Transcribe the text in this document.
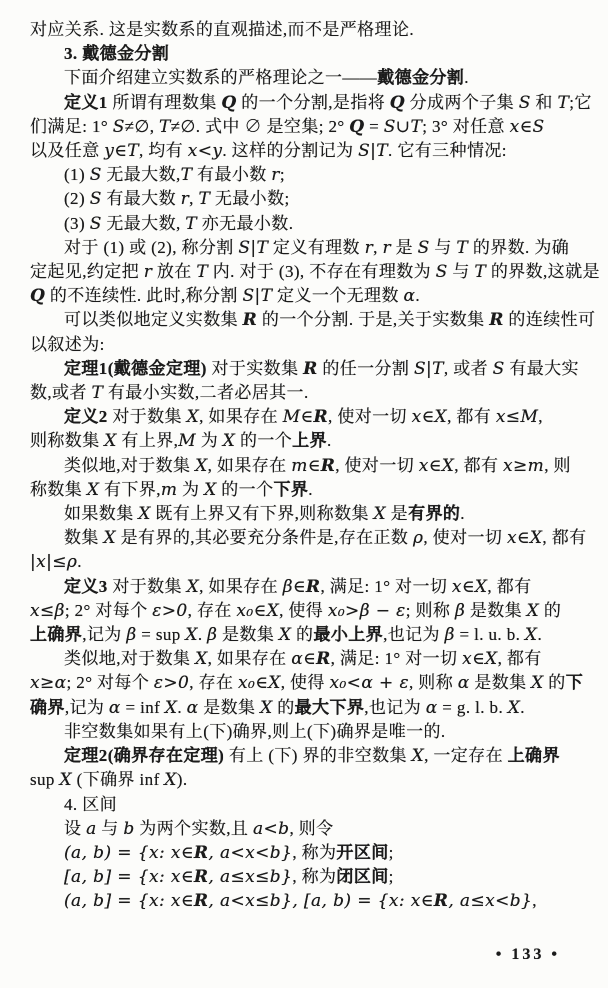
对应关系. 这是实数系的直观描述,而不是严格理论.
3. 戴德金分割
下面介绍建立实数系的严格理论之一——戴德金分割.
定义1 所谓有理数集 Q 的一个分割,是指将 Q 分成两个子集 S 和 T;它
们满足: 1° S≠∅, T≠∅. 式中 ∅ 是空集; 2° Q = S∪T; 3° 对任意 x∈S
以及任意 y∈T, 均有 x<y. 这样的分割记为 S|T. 它有三种情况:
(1) S 无最大数,T 有最小数 r;
(2) S 有最大数 r, T 无最小数;
(3) S 无最大数, T 亦无最小数.
对于 (1) 或 (2), 称分割 S|T 定义有理数 r, r 是 S 与 T 的界数. 为确
定起见,约定把 r 放在 T 内. 对于 (3), 不存在有理数为 S 与 T 的界数,这就是
Q 的不连续性. 此时,称分割 S|T 定义一个无理数 α.
可以类似地定义实数集 R 的一个分割. 于是,关于实数集 R 的连续性可
以叙述为:
定理1(戴德金定理) 对于实数集 R 的任一分割 S|T, 或者 S 有最大实
数,或者 T 有最小实数,二者必居其一.
定义2 对于数集 X, 如果存在 M∈R, 使对一切 x∈X, 都有 x≤M,
则称数集 X 有上界,M 为 X 的一个上界.
类似地,对于数集 X, 如果存在 m∈R, 使对一切 x∈X, 都有 x≥m, 则
称数集 X 有下界,m 为 X 的一个下界.
如果数集 X 既有上界又有下界,则称数集 X 是有界的.
数集 X 是有界的,其必要充分条件是,存在正数 ρ, 使对一切 x∈X, 都有
|x|≤ρ.
定义3 对于数集 X, 如果存在 β∈R, 满足: 1° 对一切 x∈X, 都有
x≤β; 2° 对每个 ε>0, 存在 x₀∈X, 使得 x₀>β − ε; 则称 β 是数集 X 的
上确界,记为 β = sup X. β 是数集 X 的最小上界,也记为 β = l. u. b. X.
类似地,对于数集 X, 如果存在 α∈R, 满足: 1° 对一切 x∈X, 都有
x≥α; 2° 对每个 ε>0, 存在 x₀∈X, 使得 x₀<α + ε, 则称 α 是数集 X 的下
确界,记为 α = inf X. α 是数集 X 的最大下界,也记为 α = g. l. b. X.
非空数集如果有上(下)确界,则上(下)确界是唯一的.
定理2(确界存在定理) 有上 (下) 界的非空数集 X, 一定存在 上确界
sup X (下确界 inf X).
4. 区间
设 a 与 b 为两个实数,且 a<b, 则令
(a, b) = {x: x∈R, a<x<b}, 称为开区间;
[a, b] = {x: x∈R, a≤x≤b}, 称为闭区间;
(a, b] = {x: x∈R, a<x≤b}, [a, b) = {x: x∈R, a≤x<b},
• 133 •
